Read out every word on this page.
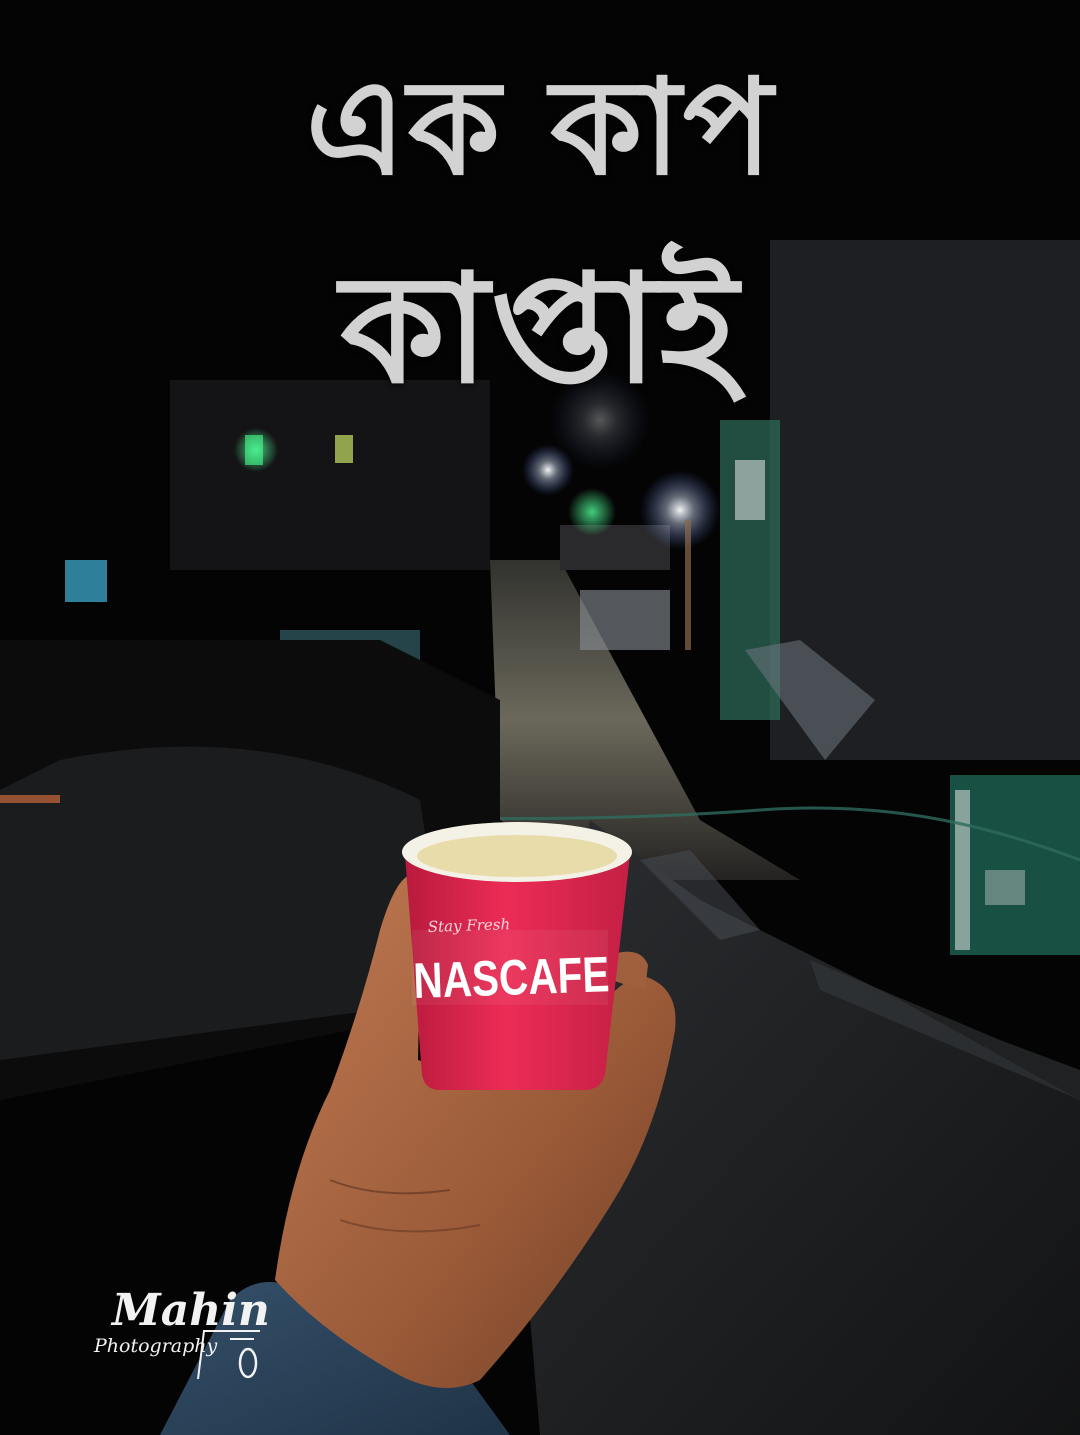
এক কাপ
কাপ্তাই
Stay Fresh
NASCAFE
Mahin
Photography
